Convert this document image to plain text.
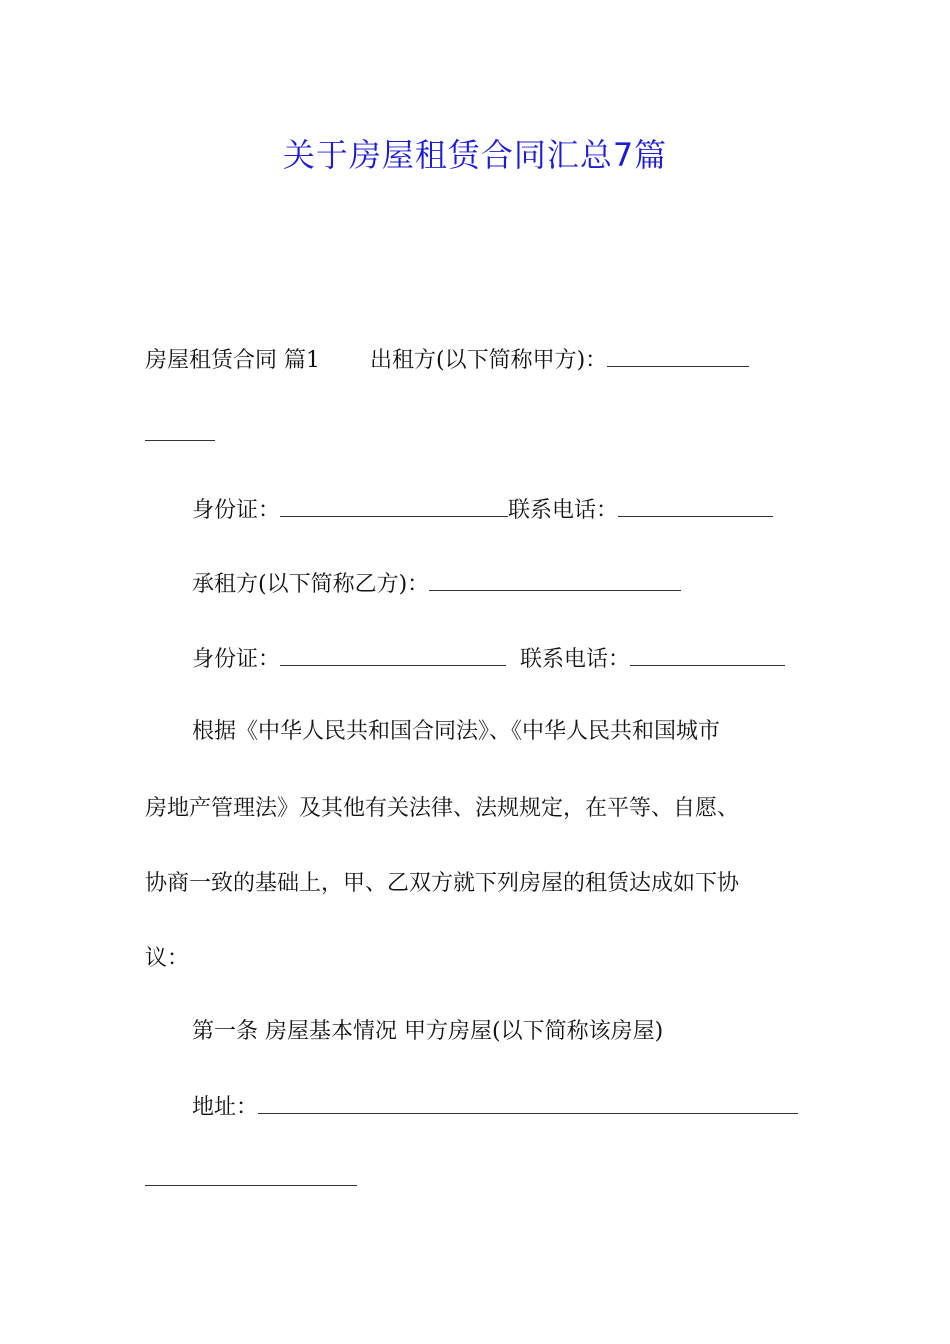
关于房屋租赁合同汇总7篇
房屋租赁合同 篇1 出租方(以下简称甲方)：
身份证：	联系电话：
承租方(以下简称乙方)：
身份证：	联系电话：
根据《中华人民共和国合同法》、《中华人民共和国城市
房地产管理法》及其他有关法律、法规规定，在平等、自愿、
协商一致的基础上，甲、乙双方就下列房屋的租赁达成如下协
议：
第一条 房屋基本情况 甲方房屋(以下简称该房屋)
地址：
